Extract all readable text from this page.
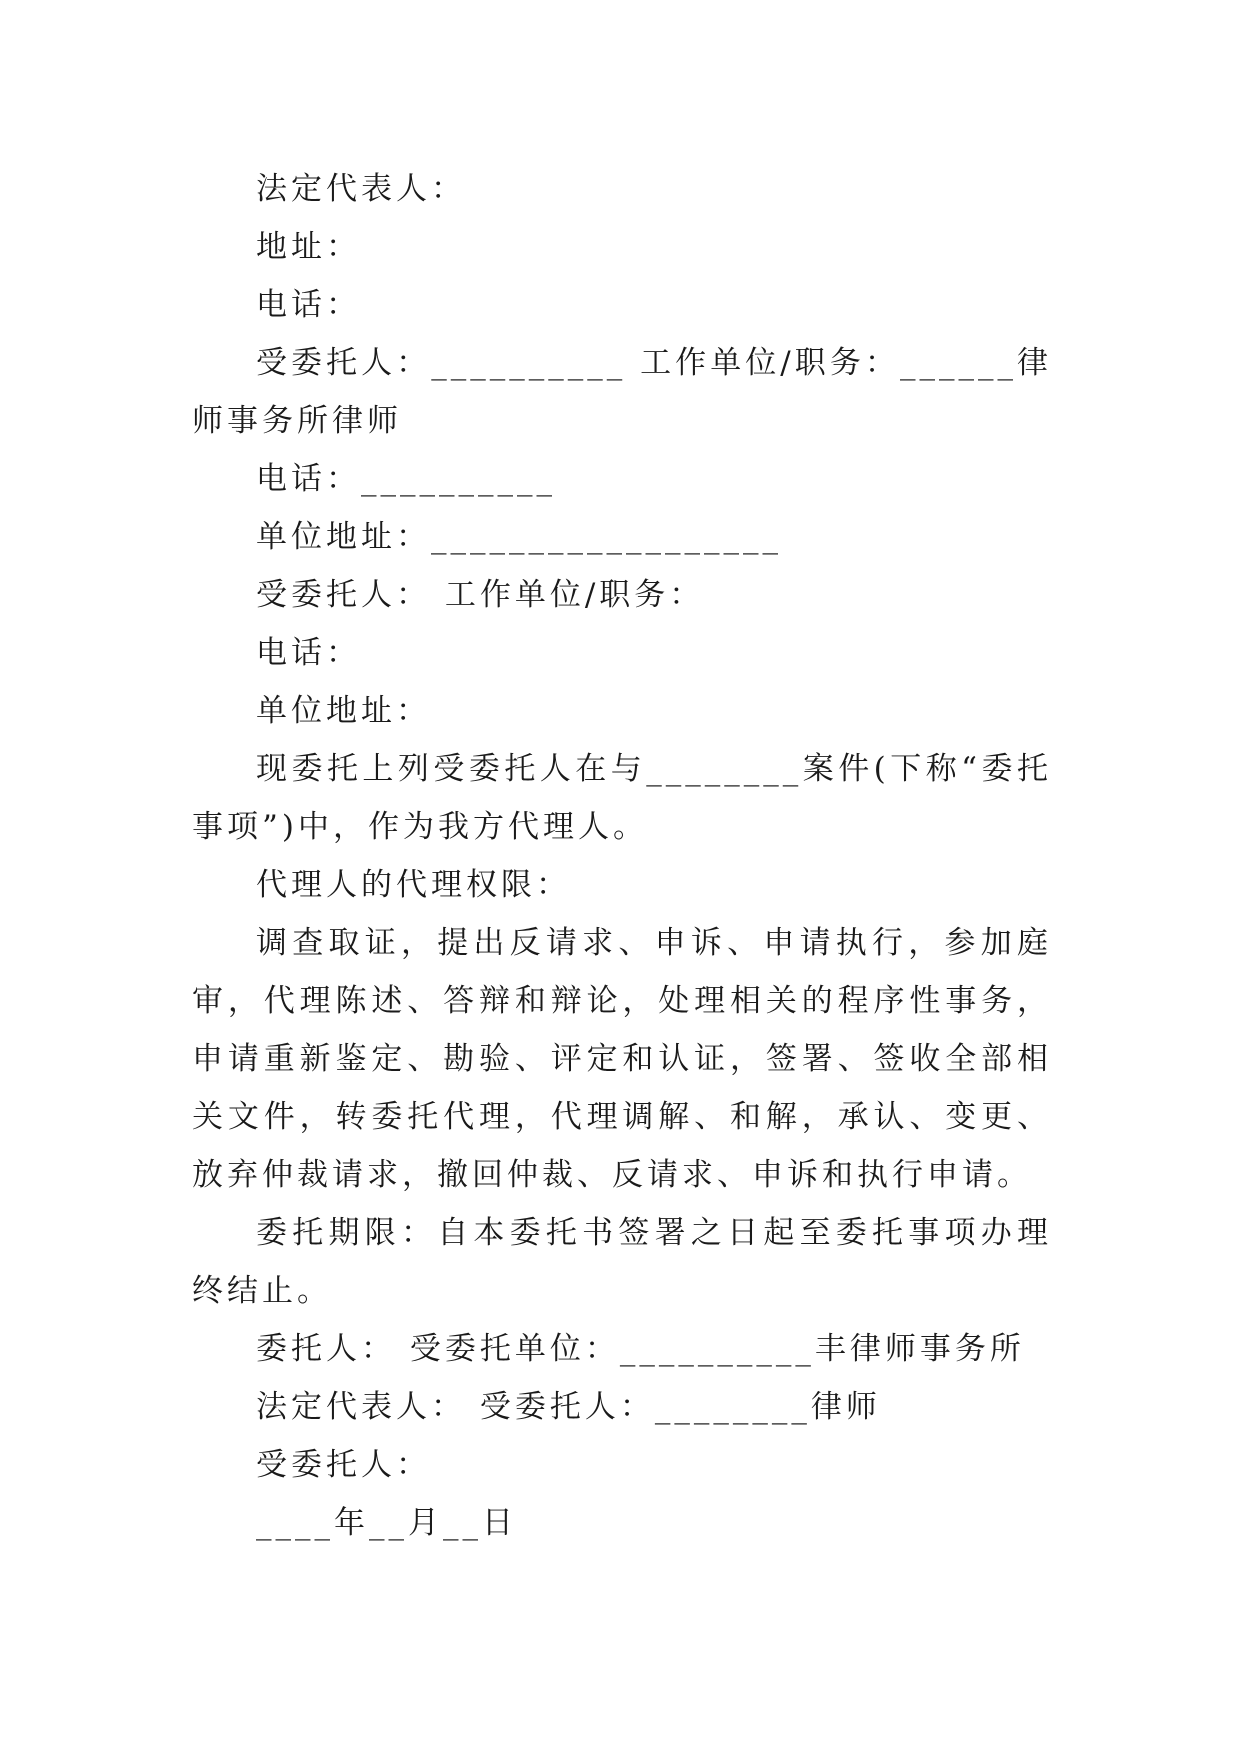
法定代表人：

地址：

电话：

受委托人：__________ 工作单位/职务：______律师事务所律师

电话：__________

单位地址：__________________

受委托人： 工作单位/职务：

电话：

单位地址：

现委托上列受委托人在与________案件(下称“委托事项”)中，作为我方代理人。

代理人的代理权限：

调查取证，提出反请求、申诉、申请执行，参加庭审，代理陈述、答辩和辩论，处理相关的程序性事务，申请重新鉴定、勘验、评定和认证，签署、签收全部相关文件，转委托代理，代理调解、和解，承认、变更、放弃仲裁请求，撤回仲裁、反请求、申诉和执行申请。

委托期限：自本委托书签署之日起至委托事项办理终结止。

委托人： 受委托单位：__________丰律师事务所

法定代表人： 受委托人：________律师

受委托人：

____年__月__日
